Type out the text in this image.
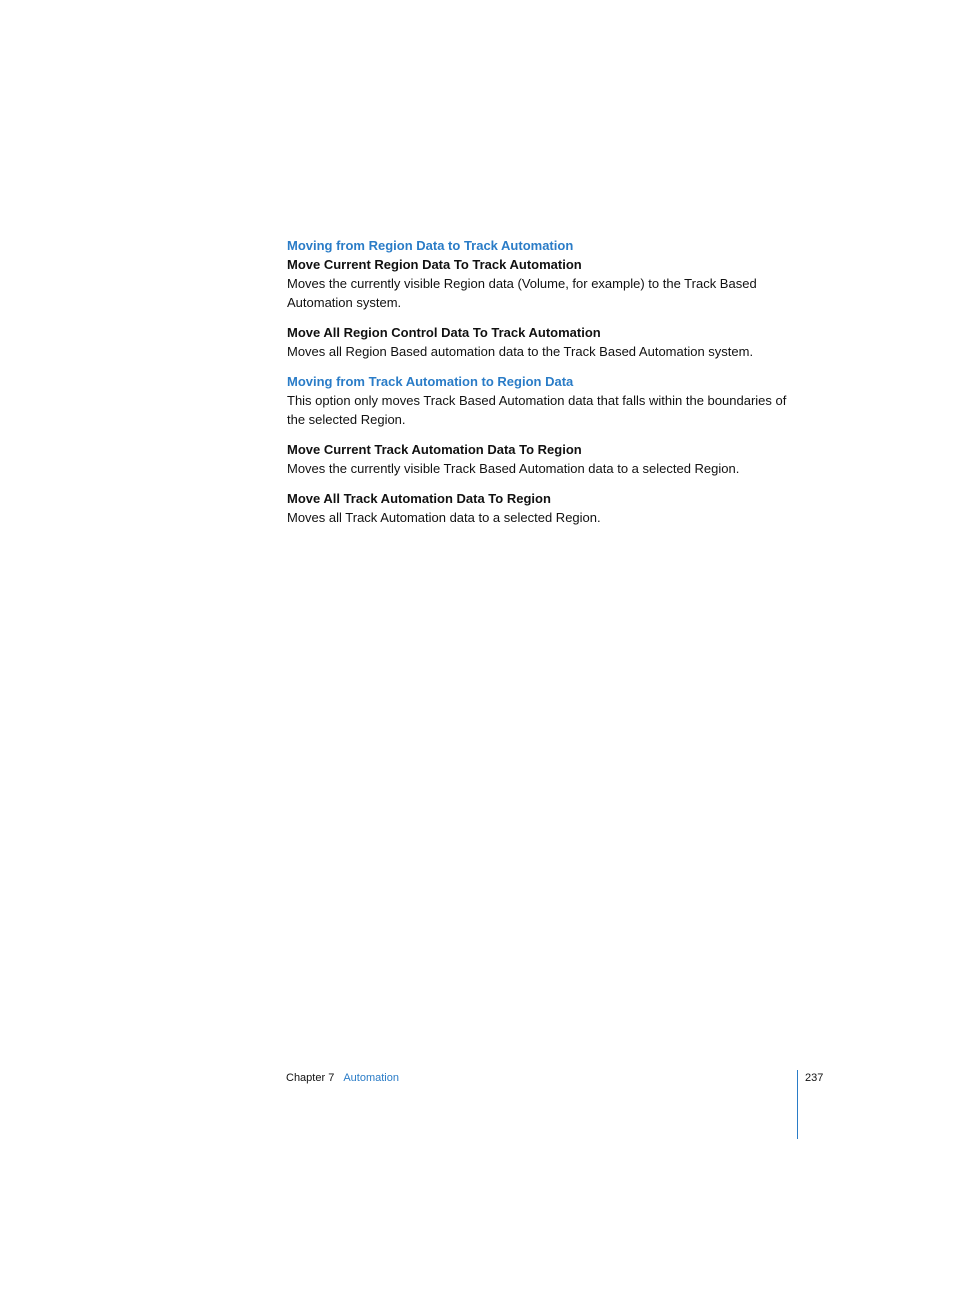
Moving from Region Data to Track Automation

Move Current Region Data To Track Automation

Moves the currently visible Region data (Volume, for example) to the Track Based

Automation system.

Move All Region Control Data To Track Automation

Moves all Region Based automation data to the Track Based Automation system.

Moving from Track Automation to Region Data

This option only moves Track Based Automation data that falls within the boundaries of

the selected Region.

Move Current Track Automation Data To Region

Moves the currently visible Track Based Automation data to a selected Region.

Move All Track Automation Data To Region

Moves all Track Automation data to a selected Region.

Chapter 7 Automation	237
